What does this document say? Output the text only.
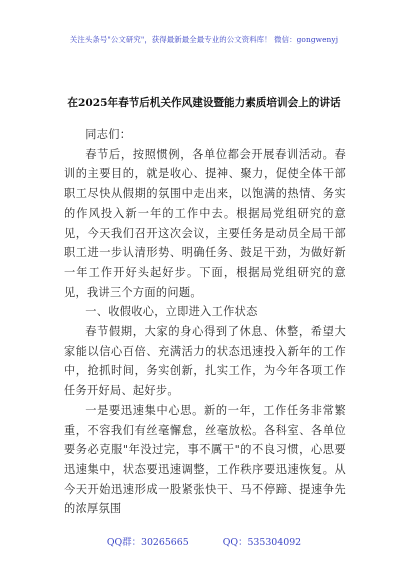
关注头条号"公文研究"，获得最新最全最专业的公文资料库！ 微信：gongwenyj
在2025年春节后机关作风建设暨能力素质培训会上的讲话

同志们：

春节后，按照惯例，各单位都会开展春训活动。春训的主要目的，就是收心、提神、聚力，促使全体干部职工尽快从假期的氛围中走出来，以饱满的热情、务实的作风投入新一年的工作中去。根据局党组研究的意见，今天我们召开这次会议，主要任务是动员全局干部职工进一步认清形势、明确任务、鼓足干劲，为做好新一年工作开好头起好步。下面，根据局党组研究的意见，我讲三个方面的问题。

一、收假收心，立即进入工作状态

春节假期，大家的身心得到了休息、休整，希望大家能以信心百倍、充满活力的状态迅速投入新年的工作中，抢抓时间，务实创新，扎实工作，为今年各项工作任务开好局、起好步。

一是要迅速集中心思。新的一年，工作任务非常繁重，不容我们有丝毫懈怠，丝毫放松。各科室、各单位要务必克服"年没过完，事不厲干"的不良习惯，心思要迅速集中，状态要迅速调整，工作秩序要迅速恢复。从今天开始迅速形成一股紧张快干、马不停蹄、提速争先的浓厚氛围

QQ群：30265665	QQ：535304092
